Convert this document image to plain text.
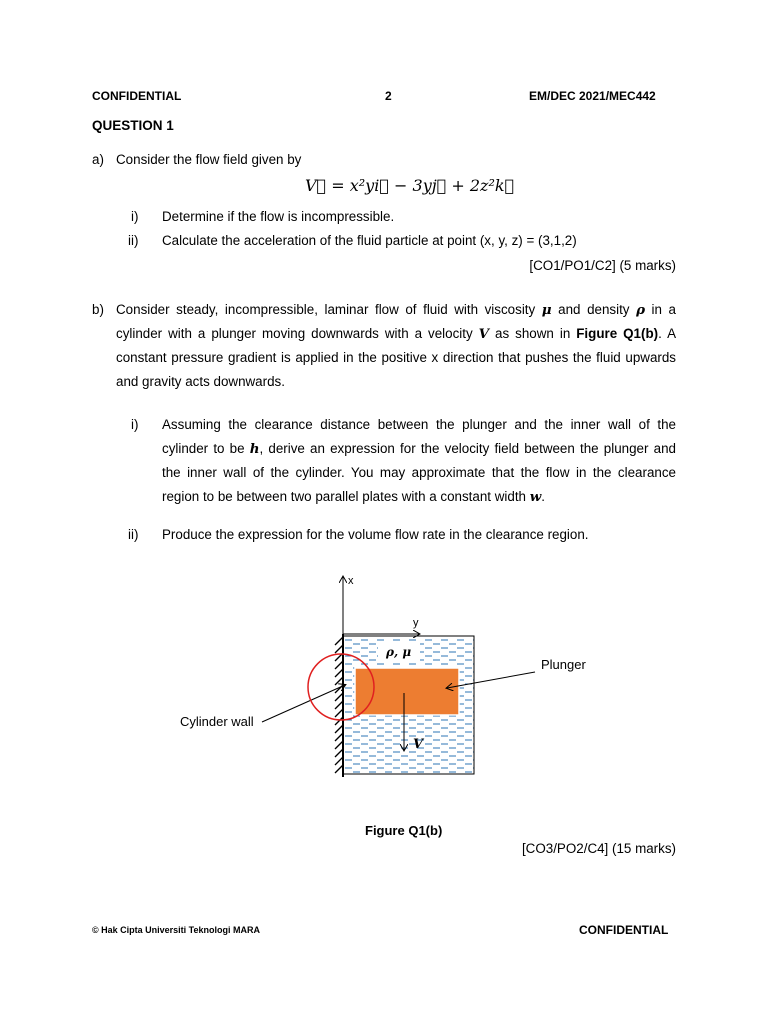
CONFIDENTIAL	2	EM/DEC 2021/MEC442
QUESTION 1
a) Consider the flow field given by
V⃗ = x²yi⃗ − 3yj⃗ + 2z²k⃗
i) Determine if the flow is incompressible.
ii) Calculate the acceleration of the fluid particle at point (x, y, z) = (3,1,2)
[CO1/PO1/C2] (5 marks)
b) Consider steady, incompressible, laminar flow of fluid with viscosity μ and density ρ in a cylinder with a plunger moving downwards with a velocity V as shown in Figure Q1(b). A constant pressure gradient is applied in the positive x direction that pushes the fluid upwards and gravity acts downwards.
i) Assuming the clearance distance between the plunger and the inner wall of the cylinder to be h, derive an expression for the velocity field between the plunger and the inner wall of the cylinder. You may approximate that the flow in the clearance region to be between two parallel plates with a constant width w.
ii) Produce the expression for the volume flow rate in the clearance region.
x
y
ρ, μ
Plunger
Cylinder wall
V
Figure Q1(b)
[CO3/PO2/C4] (15 marks)
© Hak Cipta Universiti Teknologi MARA	CONFIDENTIAL
